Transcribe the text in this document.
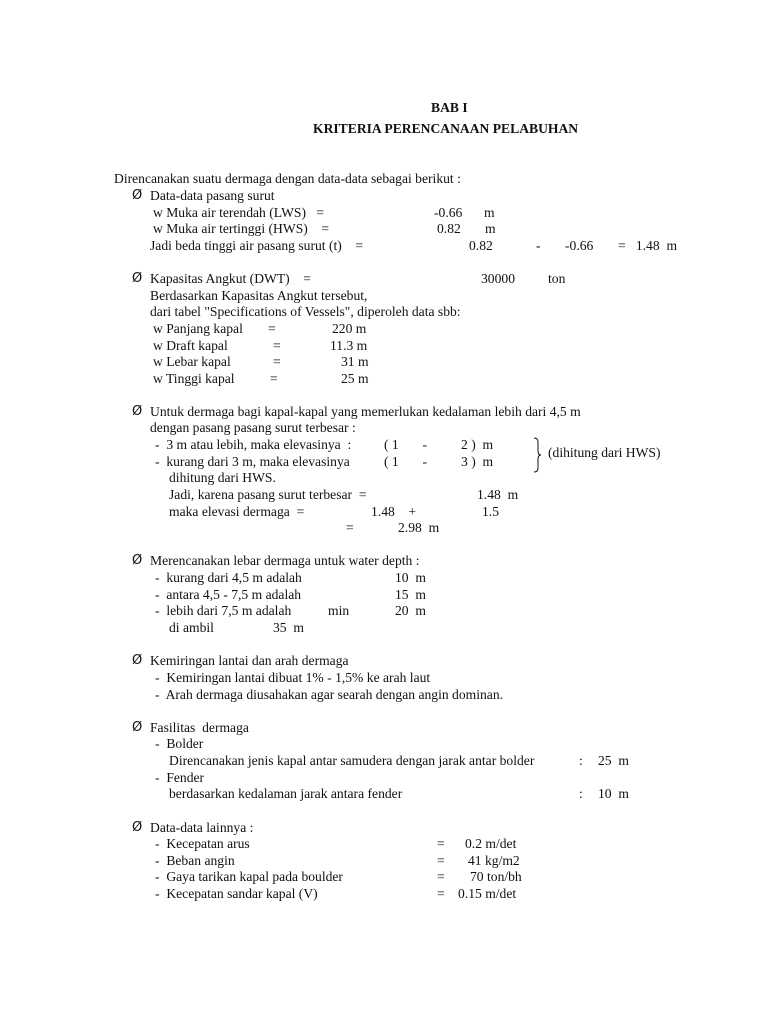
BAB I
KRITERIA PERENCANAAN PELABUHAN
Direncanakan suatu dermaga dengan data-data sebagai berikut :
Ø Data-data pasang surut
w Muka air terendah (LWS)   =	-0.66 m
w Muka air tertinggi (HWS)    =	0.82 m
Jadi beda tinggi air pasang surut (t)    =	0.82	- -0.66 =   1.48  m
Ø Kapasitas Angkut (DWT)    =	30000 ton
Berdasarkan Kapasitas Angkut tersebut,
dari tabel "Specifications of Vessels", diperoleh data sbb:
w Panjang kapal =	220 m
w Draft kapal	=	11.3 m
w Lebar kapal	=	31 m
w Tinggi kapal	=	25 m
Ø Untuk dermaga bagi kapal-kapal yang memerlukan kedalaman lebih dari 4,5 m
dengan pasang pasang surut terbesar :
-  3 m atau lebih, maka elevasinya  : ( 1       -          2 )  m
-  kurang dari 3 m, maka elevasinya	( 1       -          3 )  m
(dihitung dari HWS)
dihitung dari HWS.
Jadi, karena pasang surut terbesar  =	1.48  m
maka elevasi dermaga  =	1.48    +	1.5
=	2.98  m
Ø Merencanakan lebar dermaga untuk water depth :
-  kurang dari 4,5 m adalah	10  m
-  antara 4,5 - 7,5 m adalah	15  m
-  lebih dari 7,5 m adalah	min	20  m
di ambil	35  m
Ø Kemiringan lantai dan arah dermaga
-  Kemiringan lantai dibuat 1% - 1,5% ke arah laut
-  Arah dermaga diusahakan agar searah dengan angin dominan.
Ø Fasilitas  dermaga
-  Bolder
Direncanakan jenis kapal antar samudera dengan jarak antar bolder	: 25  m
-  Fender
berdasarkan kedalaman jarak antara fender	: 10  m
Ø Data-data lainnya :
-  Kecepatan arus	= 0.2 m/det
-  Beban angin	= 41 kg/m2
-  Gaya tarikan kapal pada boulder	= 70 ton/bh
-  Kecepatan sandar kapal (V)	= 0.15 m/det
